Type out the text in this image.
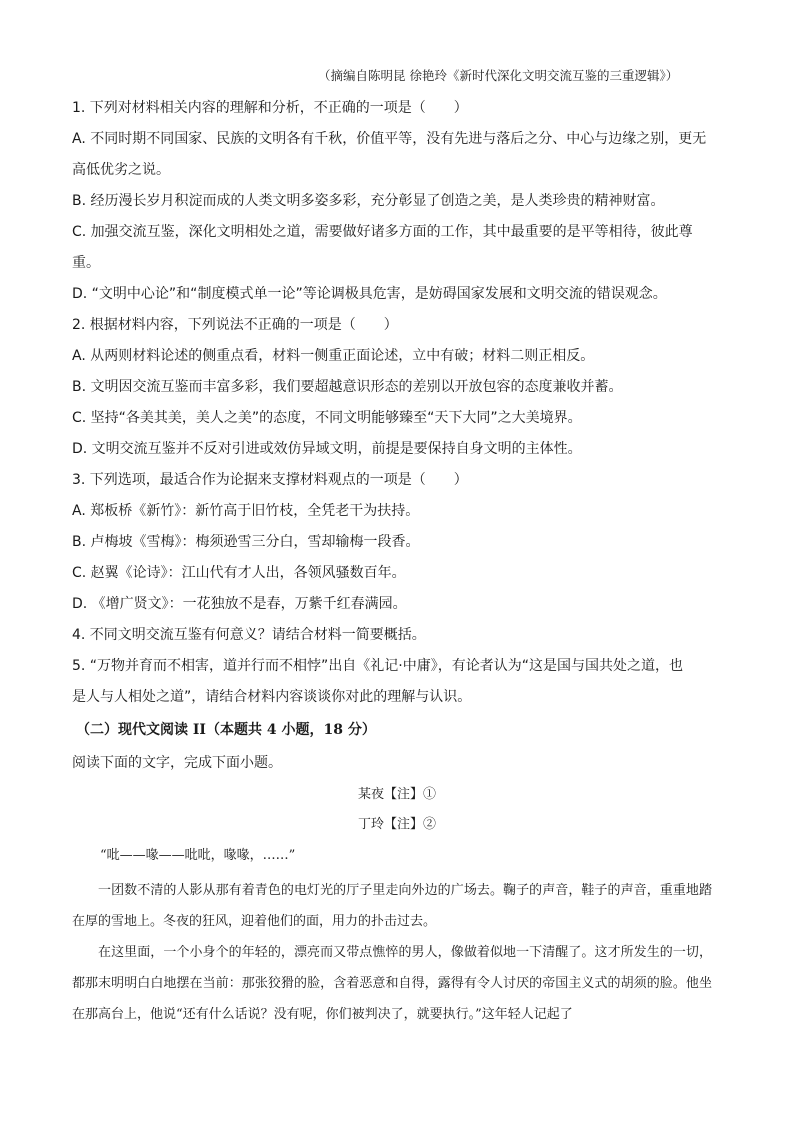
（摘编自陈明昆 徐艳玲《新时代深化文明交流互鉴的三重逻辑》）
1. 下列对材料相关内容的理解和分析，不正确的一项是（　　）
A. 不同时期不同国家、民族的文明各有千秋，价值平等，没有先进与落后之分、中心与边缘之别，更无
高低优劣之说。
B. 经历漫长岁月积淀而成的人类文明多姿多彩，充分彰显了创造之美，是人类珍贵的精神财富。
C. 加强交流互鉴，深化文明相处之道，需要做好诸多方面的工作，其中最重要的是平等相待，彼此尊
重。
D. “文明中心论”和“制度模式单一论”等论调极具危害，是妨碍国家发展和文明交流的错误观念。
2. 根据材料内容，下列说法不正确的一项是（　　）
A. 从两则材料论述的侧重点看，材料一侧重正面论述，立中有破；材料二则正相反。
B. 文明因交流互鉴而丰富多彩，我们要超越意识形态的差别以开放包容的态度兼收并蓄。
C. 坚持“各美其美，美人之美”的态度，不同文明能够臻至“天下大同”之大美境界。
D. 文明交流互鉴并不反对引进或效仿异域文明，前提是要保持自身文明的主体性。
3. 下列选项，最适合作为论据来支撑材料观点的一项是（　　）
A. 郑板桥《新竹》：新竹高于旧竹枝，全凭老干为扶持。
B. 卢梅坡《雪梅》：梅须逊雪三分白，雪却输梅一段香。
C. 赵翼《论诗》：江山代有才人出，各领风骚数百年。
D. 《增广贤文》：一花独放不是春，万紫千红春满园。
4. 不同文明交流互鉴有何意义？请结合材料一简要概括。
5. “万物并育而不相害，道并行而不相悖”出自《礼记·中庸》，有论者认为“这是国与国共处之道，也
是人与人相处之道”，请结合材料内容谈谈你对此的理解与认识。
（二）现代文阅读 II（本题共 4 小题，18 分）
阅读下面的文字，完成下面小题。
某夜【注】①
丁玲【注】②
“吡——喙——吡吡，喙喙，……”
一团数不清的人影从那有着青色的电灯光的厅子里走向外边的广场去。鞠子的声音，鞋子的声音，重重地踏在厚的雪地上。冬夜的狂风，迎着他们的面，用力的扑击过去。
在这里面，一个小身个的年轻的，漂亮而又带点憔悴的男人，像做着似地一下清醒了。这才所发生的一切，都那末明明白白地摆在当前：那张狡猾的脸，含着恶意和自得，露得有令人讨厌的帝国主义式的胡须的脸。他坐在那高台上，他说“还有什么话说？没有呢，你们被判决了，就要执行。”这年轻人记起了
